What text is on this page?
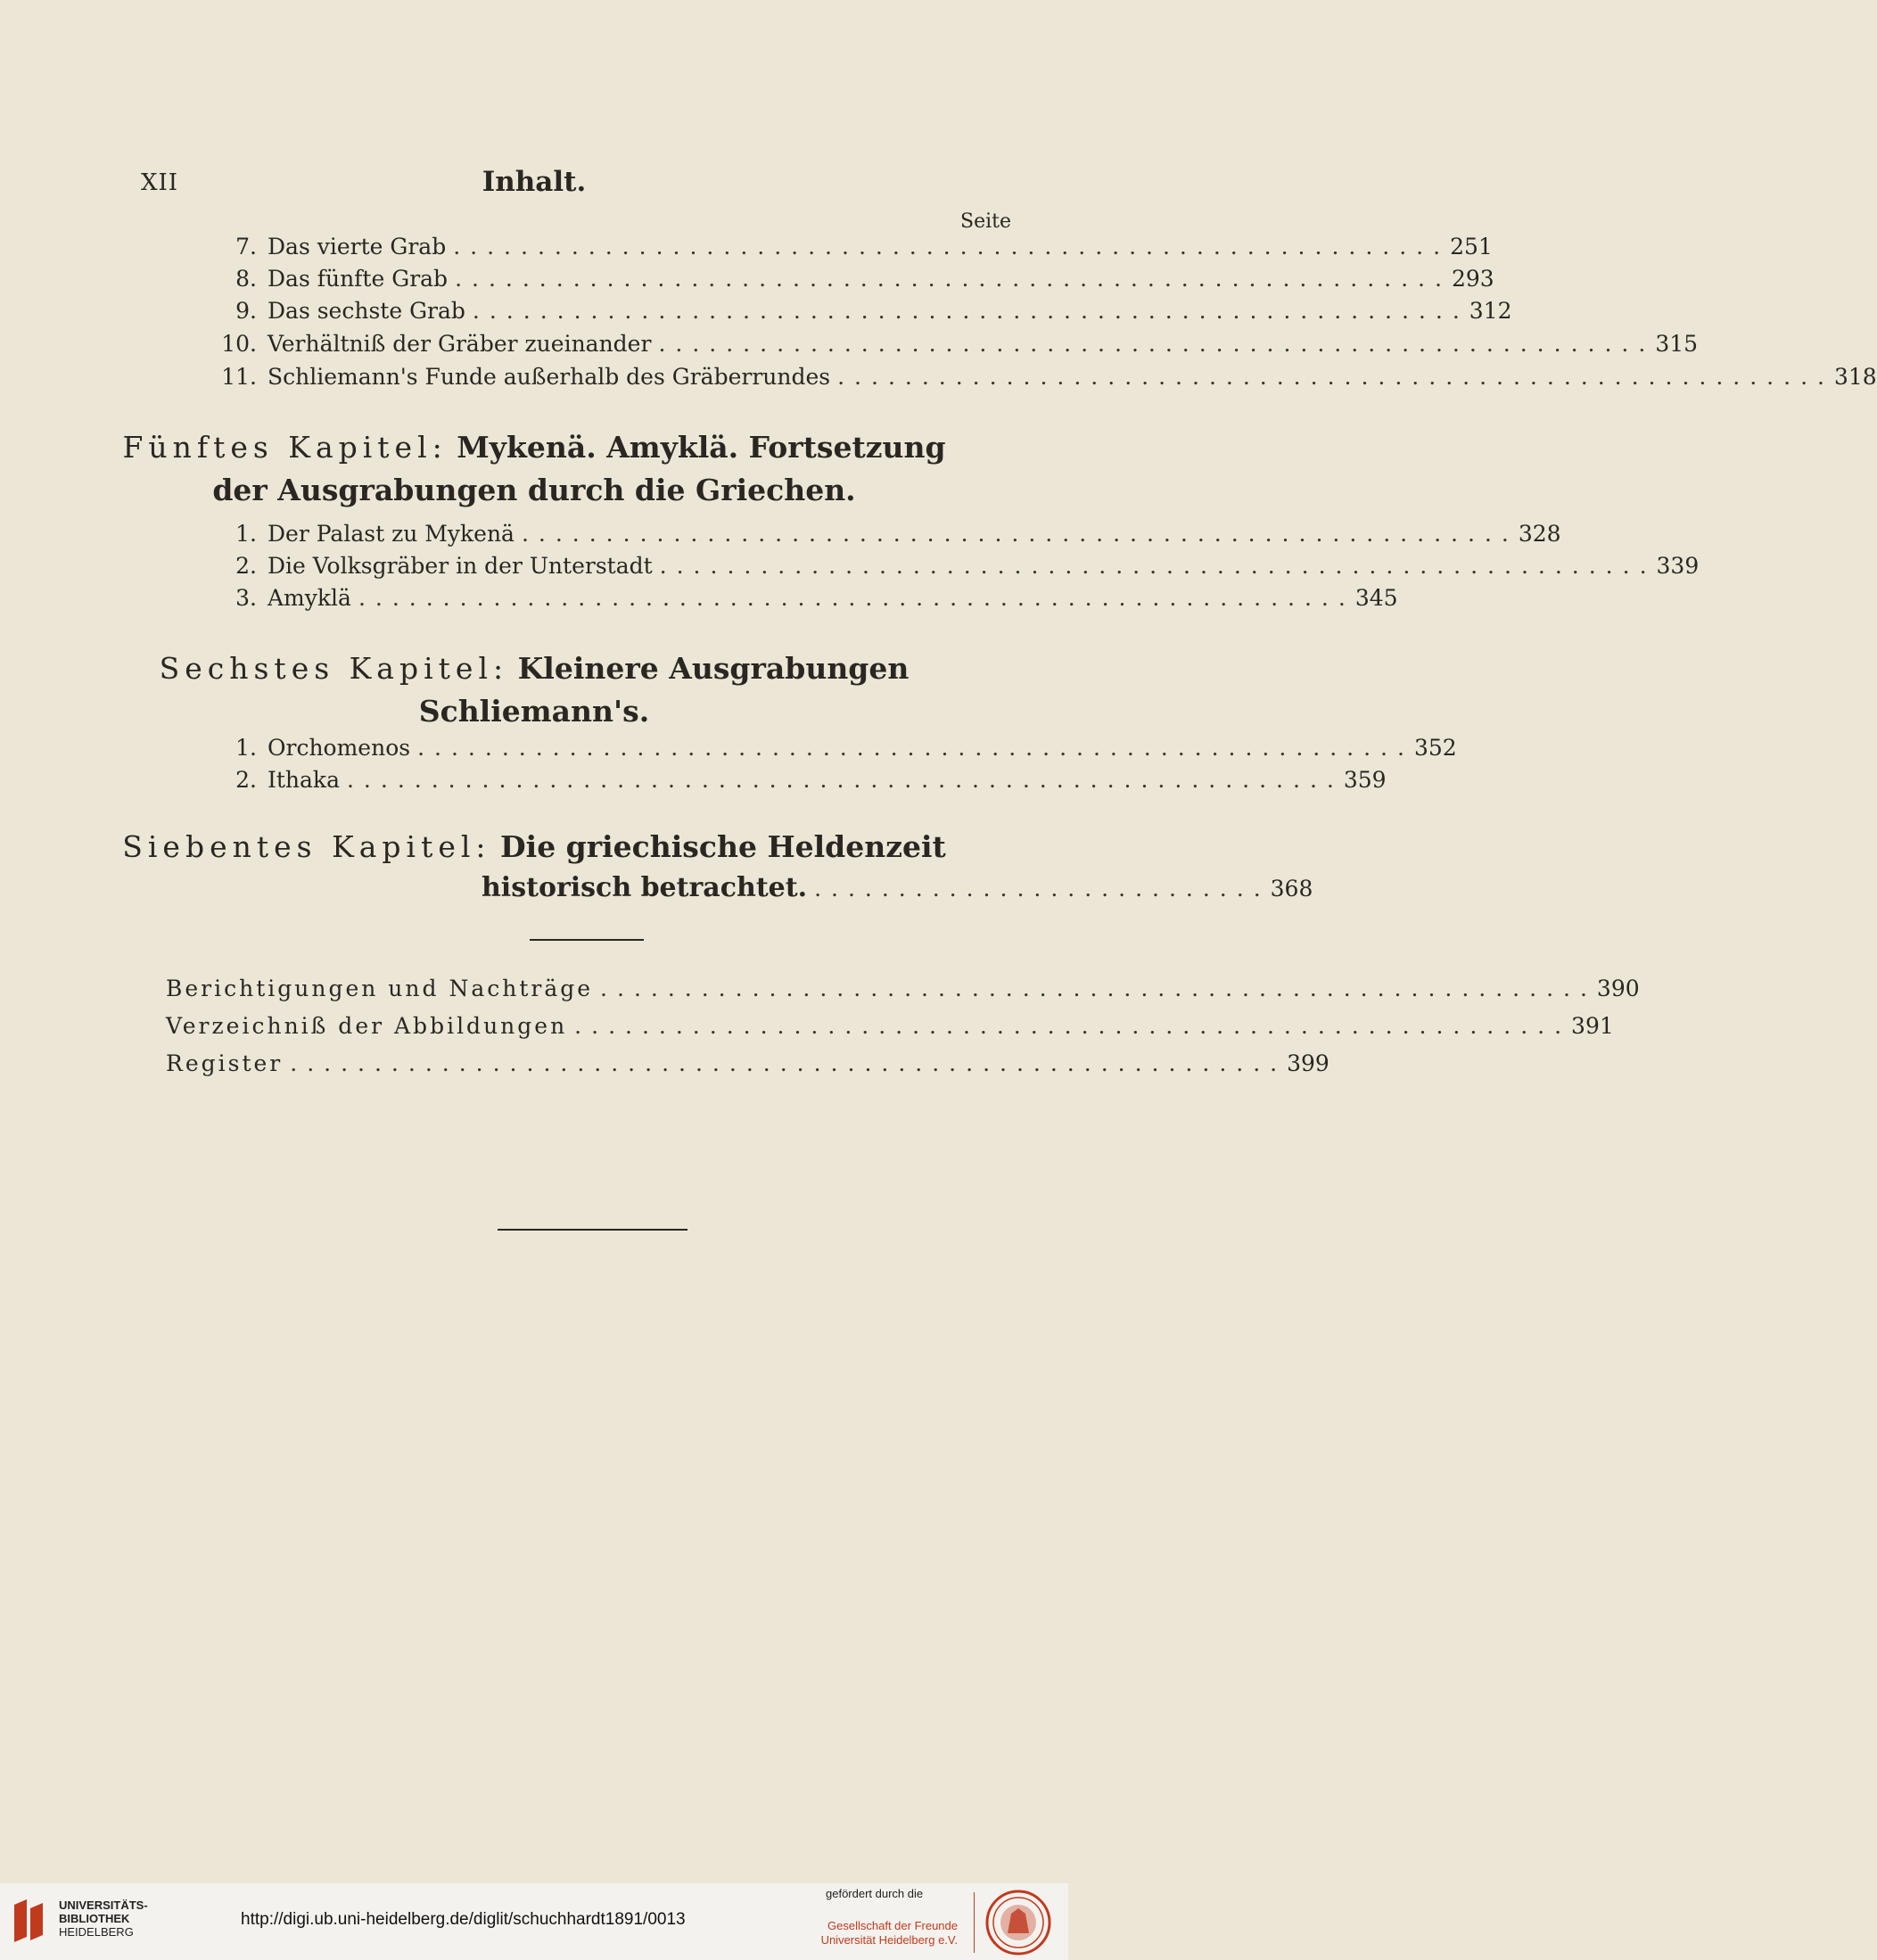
XII	Inhalt.
Seite
7. Das vierte Grab ........................................................... 251
8. Das fünfte Grab ........................................................... 293
9. Das sechste Grab ........................................................... 312
10. Verhältniß der Gräber zueinander ........................................................... 315
11. Schliemann's Funde außerhalb des Gräberrundes ........................................................... 318
Fünftes Kapitel: Mykenä. Amyklä. Fortsetzung
der Ausgrabungen durch die Griechen.
1. Der Palast zu Mykenä ........................................................... 328
2. Die Volksgräber in der Unterstadt ........................................................... 339
3. Amyklä ........................................................... 345
Sechstes Kapitel: Kleinere Ausgrabungen
Schliemann's.
1. Orchomenos ........................................................... 352
2. Ithaka ........................................................... 359
Siebentes Kapitel: Die griechische Heldenzeit
historisch betrachtet. ........................... 368
Berichtigungen und Nachträge ........................................................... 390
Verzeichniß der Abbildungen ........................................................... 391
Register ........................................................... 399
UNIVERSITÄTS-
BIBLIOTHEK
HEIDELBERG
http://digi.ub.uni-heidelberg.de/diglit/schuchhardt1891/0013
gefördert durch die
Gesellschaft der Freunde
Universität Heidelberg e.V.
